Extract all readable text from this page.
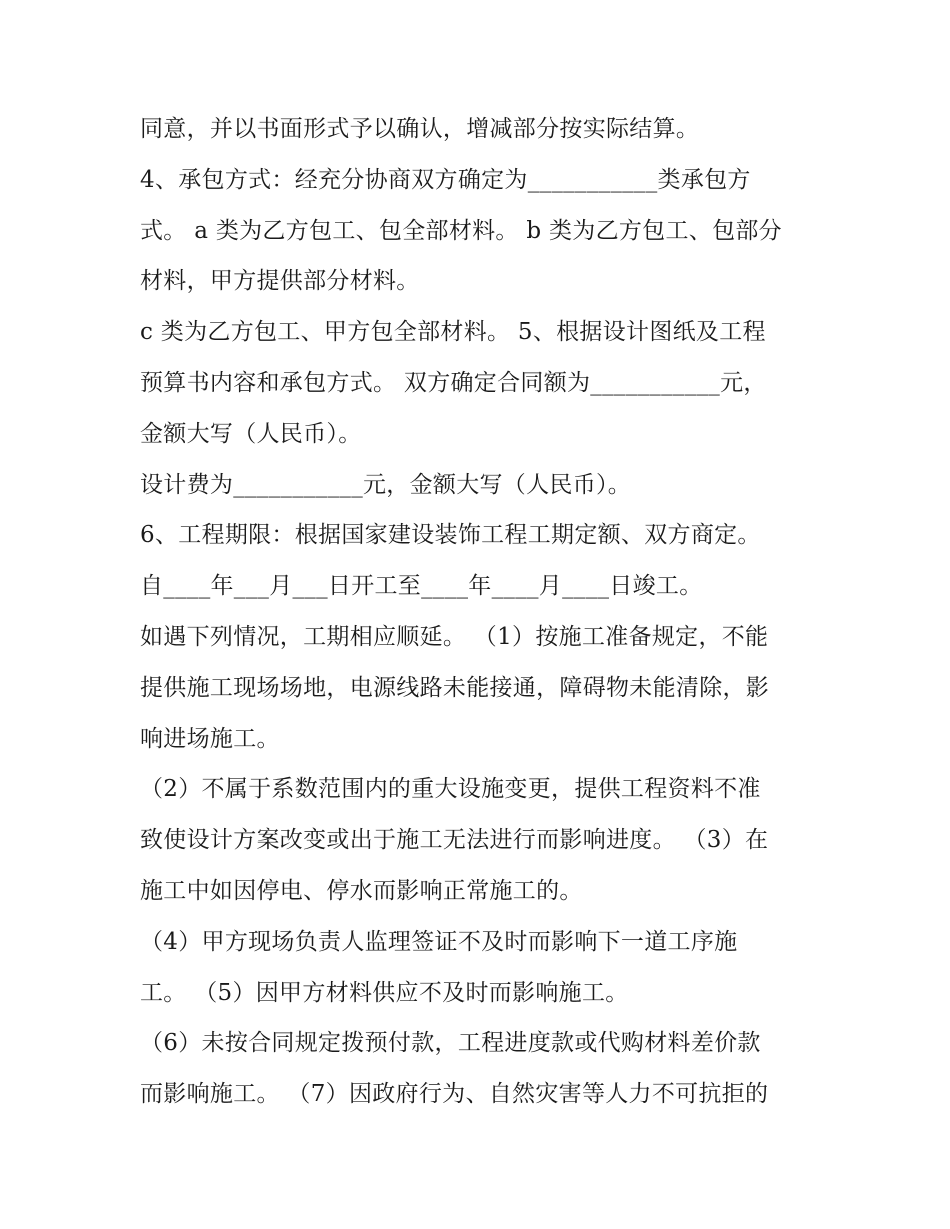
同意，并以书面形式予以确认，增减部分按实际结算。
4、承包方式：经充分协商双方确定为___________类承包方
式。 a 类为乙方包工、包全部材料。 b 类为乙方包工、包部分
材料，甲方提供部分材料。
c 类为乙方包工、甲方包全部材料。 5、根据设计图纸及工程
预算书内容和承包方式。 双方确定合同额为___________元，
金额大写（人民币）。
设计费为___________元，金额大写（人民币）。
6、工程期限：根据国家建设装饰工程工期定额、双方商定。
自____年___月___日开工至____年____月____日竣工。
如遇下列情况，工期相应顺延。 （1）按施工准备规定，不能
提供施工现场场地，电源线路未能接通，障碍物未能清除，影
响进场施工。
（2）不属于系数范围内的重大设施变更，提供工程资料不准
致使设计方案改变或出于施工无法进行而影响进度。 （3）在
施工中如因停电、停水而影响正常施工的。
（4）甲方现场负责人监理签证不及时而影响下一道工序施
工。 （5）因甲方材料供应不及时而影响施工。
（6）未按合同规定拨预付款，工程进度款或代购材料差价款
而影响施工。 （7）因政府行为、自然灾害等人力不可抗拒的
